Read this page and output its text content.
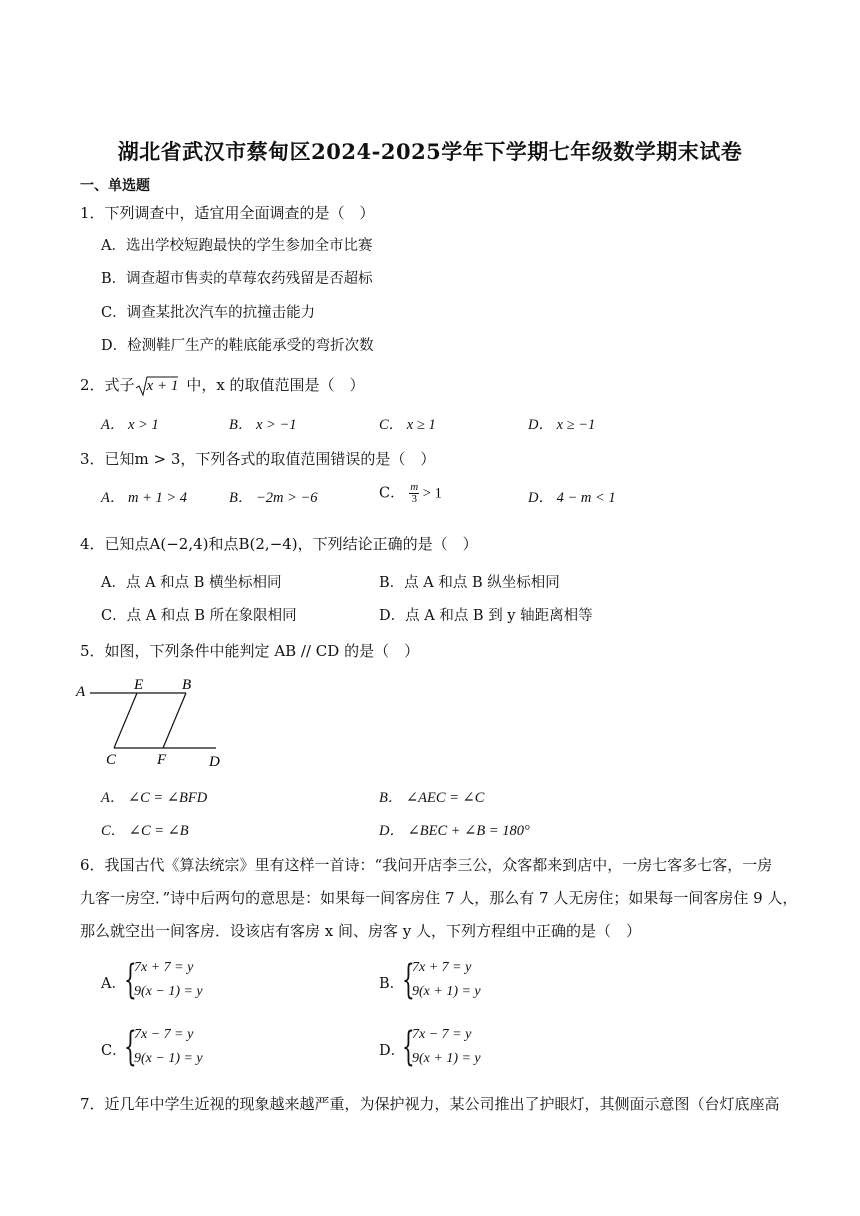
湖北省武汉市蔡甸区2024-2025学年下学期七年级数学期末试卷
一、单选题
1．下列调查中，适宜用全面调查的是（　）
A．选出学校短跑最快的学生参加全市比赛
B．调查超市售卖的草莓农药残留是否超标
C．调查某批次汽车的抗撞击能力
D．检测鞋厂生产的鞋底能承受的弯折次数
2．式子 x + 1 中，x 的取值范围是（　）
A． x > 1	B． x > −1	C． x ≥ 1	D． x ≥ −1
3．已知m > 3，下列各式的取值范围错误的是（　）
A． m + 1 > 4	B． −2m > −6	C． $\frac{m}{3} > 1$	D． 4 − m < 1
4．已知点A(−2,4)和点B(2,−4)，下列结论正确的是（　）
A．点 A 和点 B 横坐标相同	B．点 A 和点 B 纵坐标相同
C．点 A 和点 B 所在象限相同	D．点 A 和点 B 到 y 轴距离相等
5．如图，下列条件中能判定 AB // CD 的是（　）
A	E	B
C	F	D
A． ∠C = ∠BFD	B． ∠AEC = ∠C
C． ∠C = ∠B	D． ∠BEC + ∠B = 180°
6．我国古代《算法统宗》里有这样一首诗：“我问开店李三公，众客都来到店中，一房七客多七客，一房
九客一房空．”诗中后两句的意思是：如果每一间客房住 7 人，那么有 7 人无房住；如果每一间客房住 9 人，
那么就空出一间客房．设该店有客房 x 间、房客 y 人，下列方程组中正确的是（　）
A．
{
7x + 7 = y
9(x − 1) = y	B．
{
7x + 7 = y
9(x + 1) = y
C．
{
7x − 7 = y
9(x − 1) = y	D．
{
7x − 7 = y
9(x + 1) = y
7．近几年中学生近视的现象越来越严重，为保护视力，某公司推出了护眼灯，其侧面示意图（台灯底座高
